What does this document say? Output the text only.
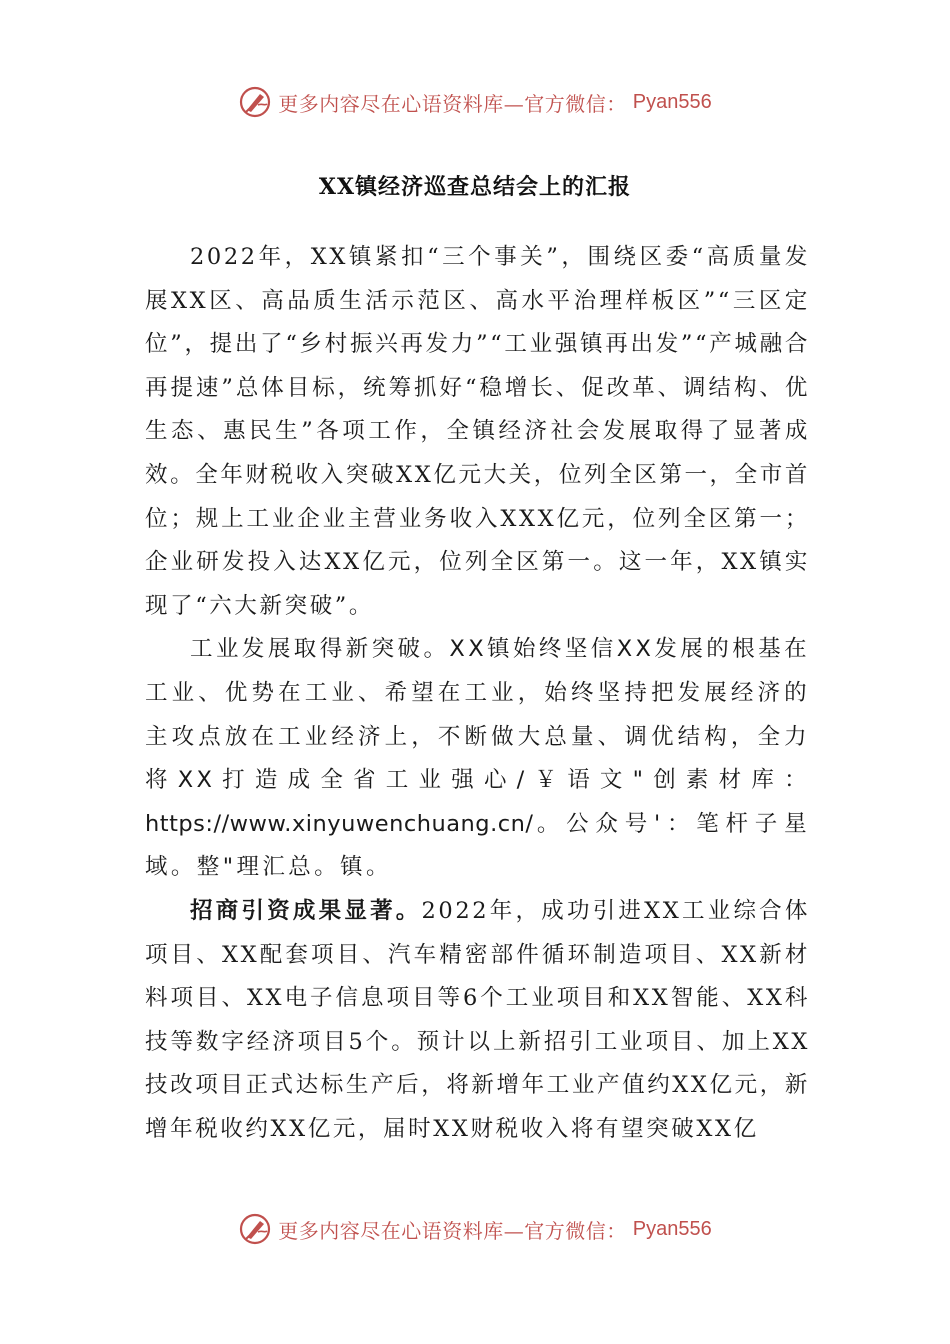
更多内容尽在心语资料库—官方微信： Pyan556
XX镇经济巡查总结会上的汇报

2022年，XX镇紧扣“三个事关”，围绕区委“高质量发展XX区、高品质生活示范区、高水平治理样板区”“三区定位”，提出了“乡村振兴再发力”“工业强镇再出发”“产城融合再提速”总体目标，统筹抓好“稳增长、促改革、调结构、优生态、惠民生”各项工作，全镇经济社会发展取得了显著成效。全年财税收入突破XX亿元大关，位列全区第一，全市首位；规上工业企业主营业务收入XXX亿元，位列全区第一；企业研发投入达XX亿元，位列全区第一。这一年，XX镇实现了“六大新突破”。

工业发展取得新突破。XX镇始终坚信XX发展的根基在工业、优势在工业、希望在工业，始终坚持把发展经济的主攻点放在工业经济上，不断做大总量、调优结构，全力将XX打造成全省工业强心/￥语文"创素材库：https://www.xinyuwenchuang.cn/。公众号'：笔杆子星域。整"理汇总。镇。

招商引资成果显著。2022年，成功引进XX工业综合体项目、XX配套项目、汽车精密部件循环制造项目、XX新材料项目、XX电子信息项目等6个工业项目和XX智能、XX科技等数字经济项目5个。预计以上新招引工业项目、加上XX技改项目正式达标生产后，将新增年工业产值约XX亿元，新增年税收约XX亿元，届时XX财税收入将有望突破XX亿

更多内容尽在心语资料库—官方微信： Pyan556
